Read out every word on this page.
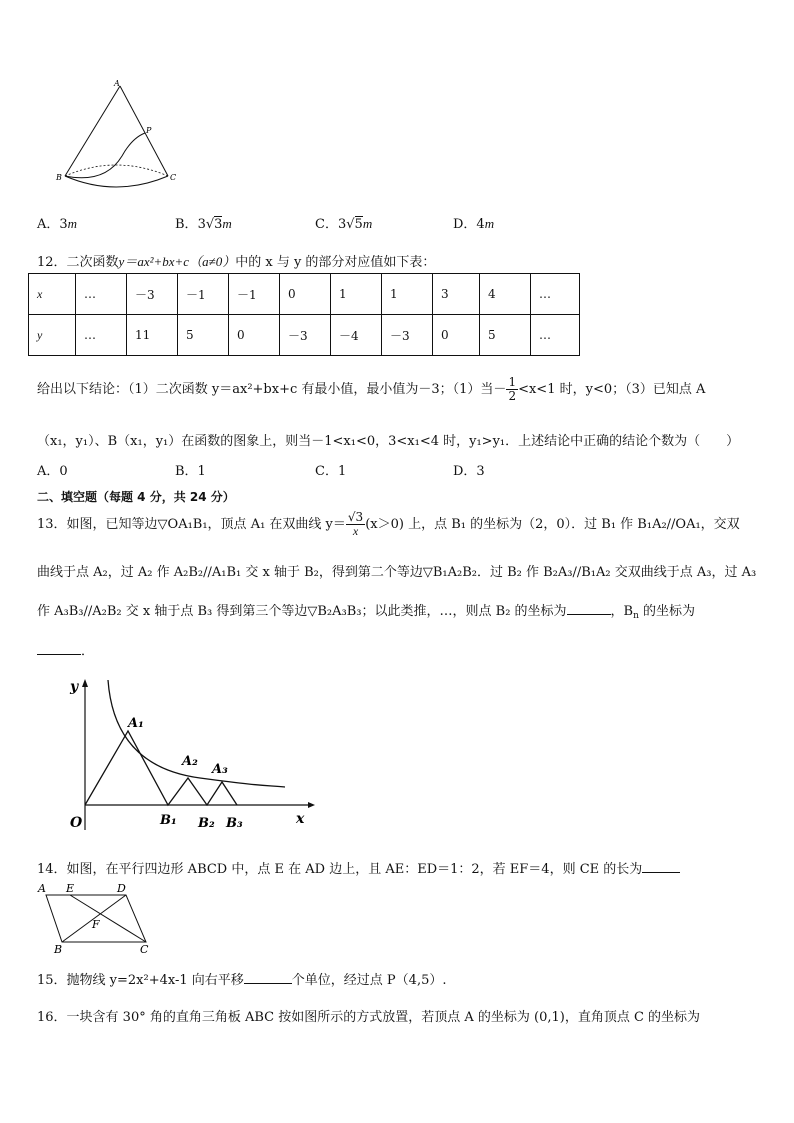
A
P
B	C
A．3m	B．3√3m	C．3√5m	D．4m
12．二次函数y＝ax²+bx+c（a≠0）中的 x 与 y 的部分对应值如下表：
x	…	－3	－1	－1	0	1	1	3	4	…
y	…	11	5	0	－3	－4	－3	0	5	…
给出以下结论：（1）二次函数 y＝ax²+bx+c 有最小值，最小值为－3；（1）当－ $\frac{1}{2} <x<1$ 时，y<0；（3）已知点 A
（x₁，y₁）、B（x₁，y₁）在函数的图象上，则当－1<x₁<0，3<x₁<4 时，y₁>y₁．上述结论中正确的结论个数为（　　）
A．0	B．1	C．1	D．3
二、填空题（每题 4 分，共 24 分）
13．如图，已知等边▽OA₁B₁，顶点 A₁ 在双曲线 $y= \frac{√3}{x} (x>0)$ 上，点 B₁ 的坐标为（2，0）．过 B₁ 作 B₁A₂//OA₁，交双
曲线于点 A₂，过 A₂ 作 A₂B₂//A₁B₁ 交 x 轴于 B₂，得到第二个等边▽B₁A₂B₂．过 B₂ 作 B₂A₃//B₁A₂ 交双曲线于点 A₃，过 A₃
作 A₃B₃//A₂B₂ 交 x 轴于点 B₃ 得到第三个等边▽B₂A₃B₃；以此类推，…，则点 B₂ 的坐标为	，$B_n$ 的坐标为
．
y
O	x
A₁
A₂
A₃
B₁ B₂ B₃
14．如图，在平行四边形 ABCD 中，点 E 在 AD 边上，且 AE：ED＝1：2，若 EF＝4，则 CE 的长为
A E	D
F
B	C
15．抛物线 y=2x²+4x-1 向右平移	个单位，经过点 P（4,5）.
16．一块含有 30° 角的直角三角板 ABC 按如图所示的方式放置，若顶点 A 的坐标为 (0,1)，直角顶点 C 的坐标为
